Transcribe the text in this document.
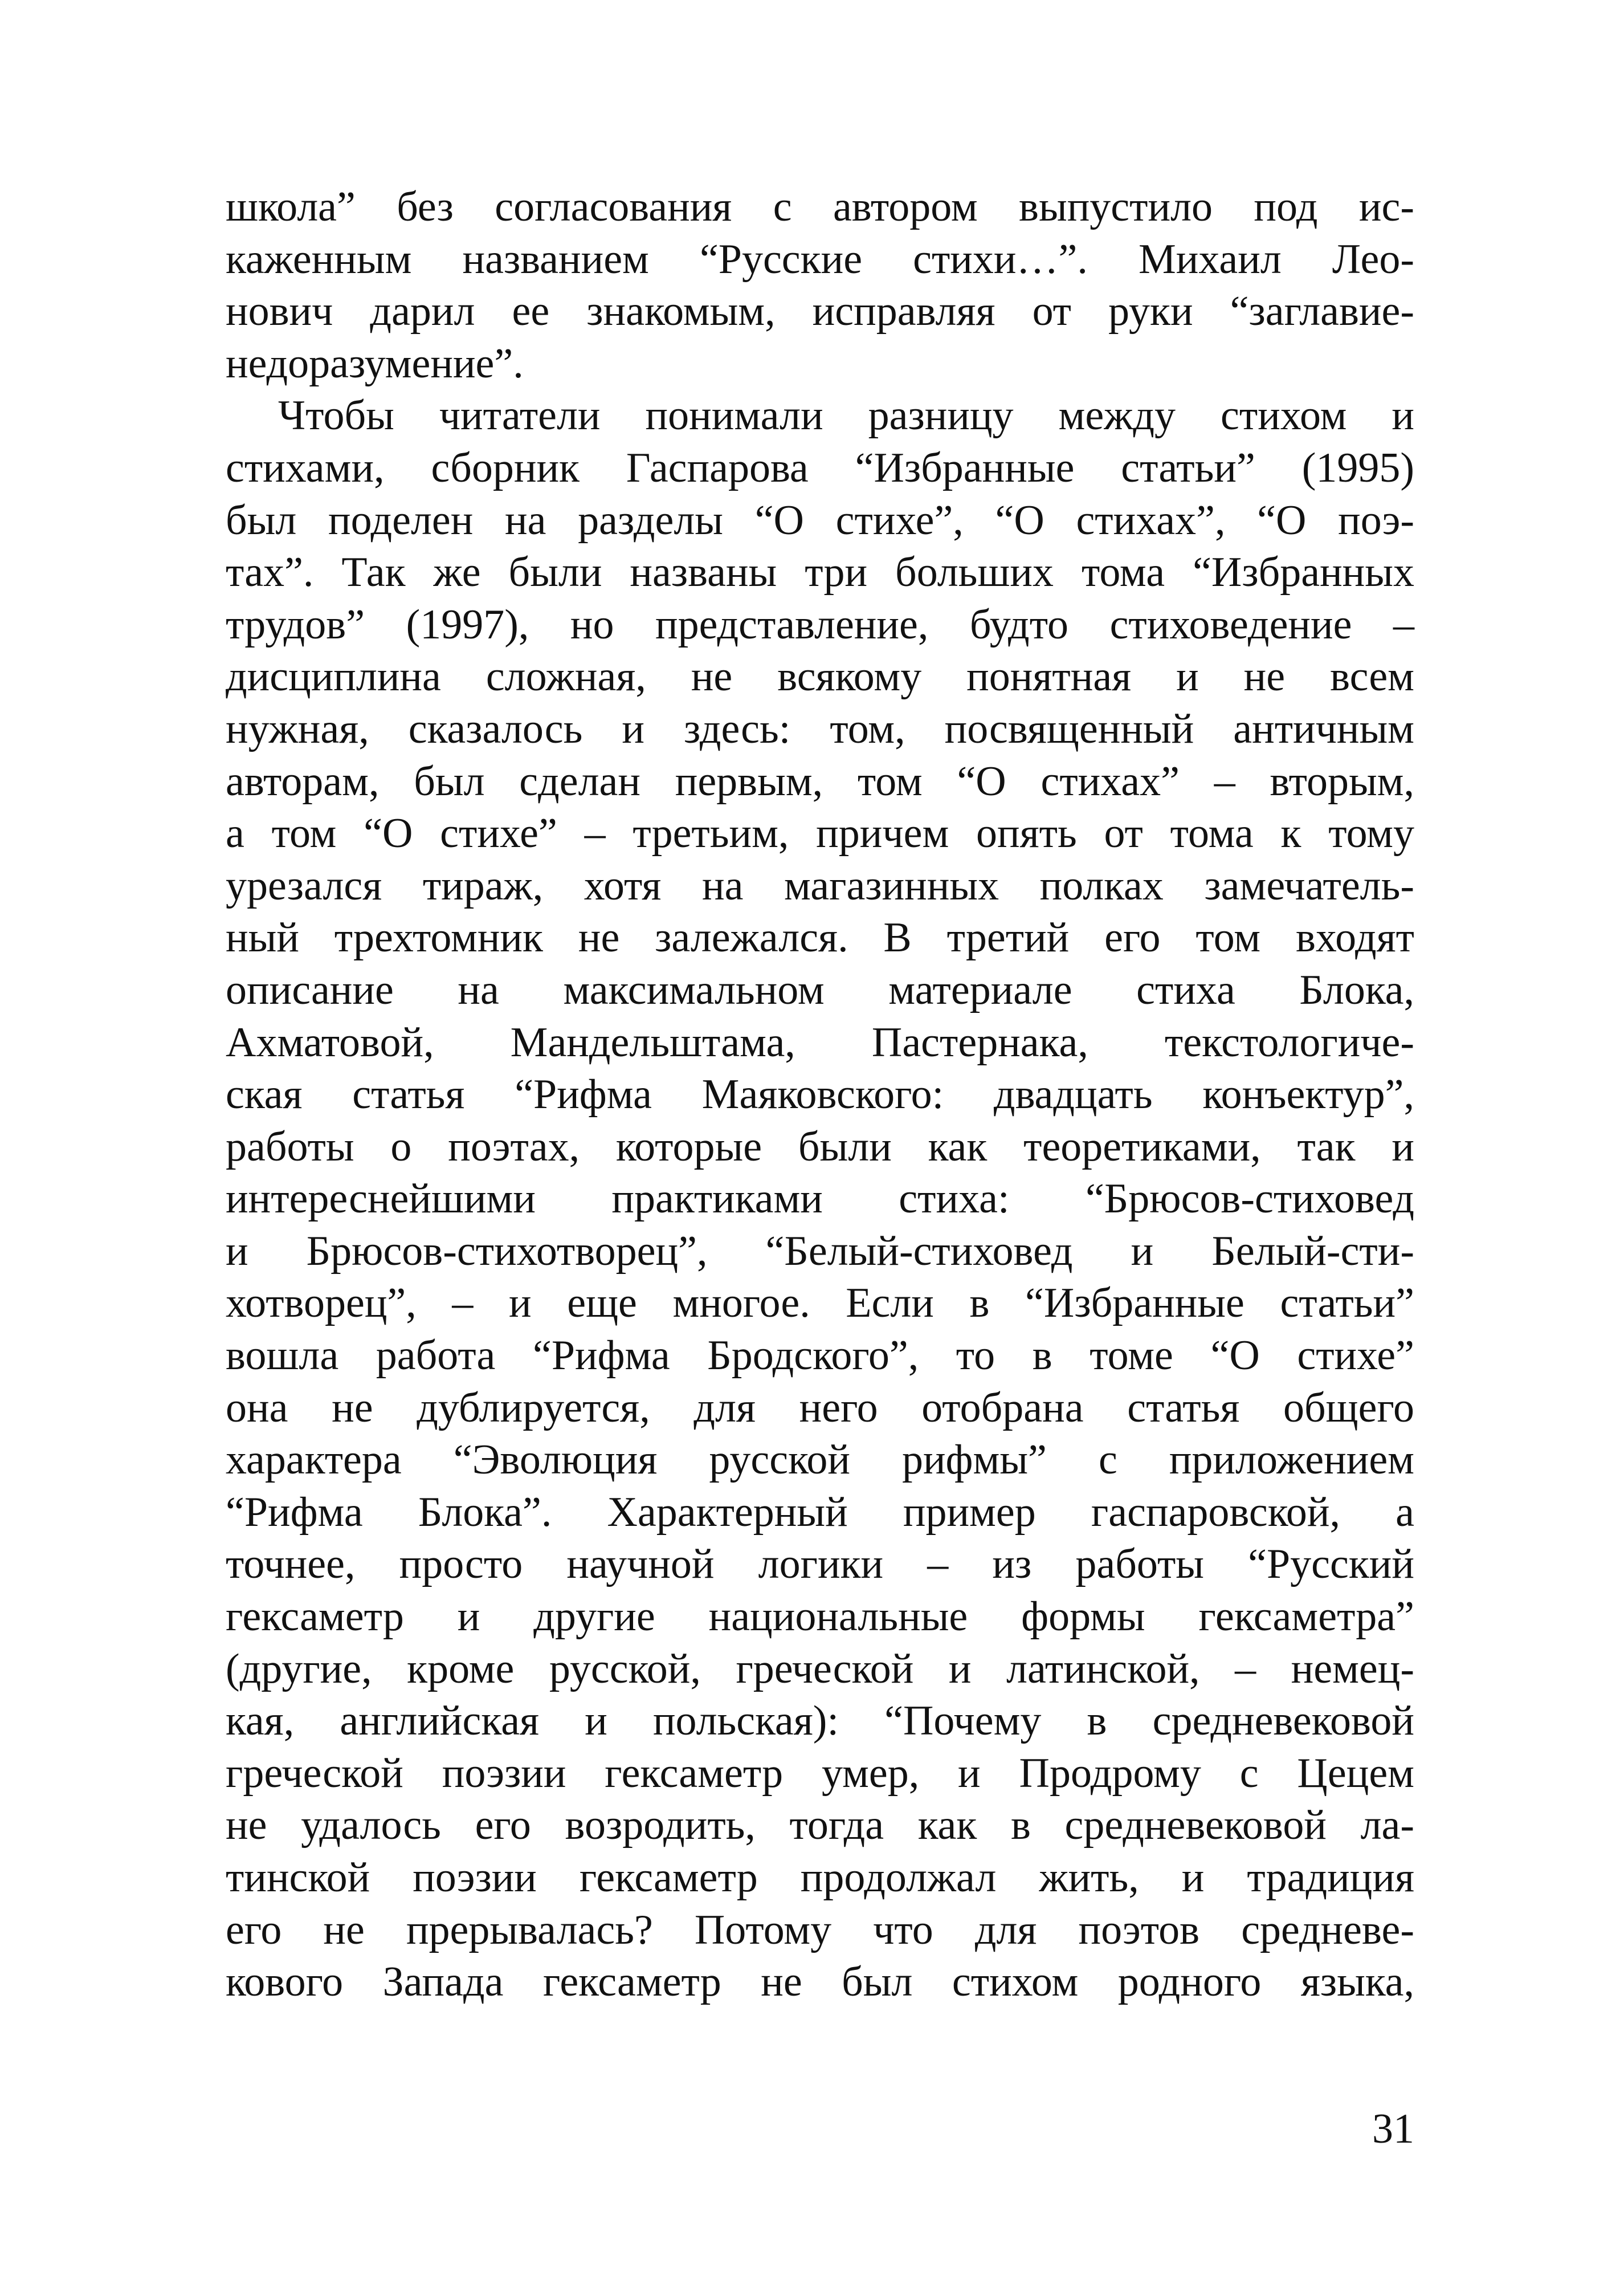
школа” без согласования с автором выпустило под ис-
каженным названием “Русские стихи…”. Михаил Лео-
нович дарил ее знакомым, исправляя от руки “заглавие-
недоразумение”.
Чтобы читатели понимали разницу между стихом и
стихами, сборник Гаспарова “Избранные статьи” (1995)
был поделен на разделы “О стихе”, “О стихах”, “О поэ-
тах”. Так же были названы три больших тома “Избранных
трудов” (1997), но представление, будто стиховедение –
дисциплина сложная, не всякому понятная и не всем
нужная, сказалось и здесь: том, посвященный античным
авторам, был сделан первым, том “О стихах” – вторым,
а том “О стихе” – третьим, причем опять от тома к тому
урезался тираж, хотя на магазинных полках замечатель-
ный трехтомник не залежался. В третий его том входят
описание на максимальном материале стиха Блока,
Ахматовой, Мандельштама, Пастернака, текстологиче-
ская статья “Рифма Маяковского: двадцать конъектур”,
работы о поэтах, которые были как теоретиками, так и
интереснейшими практиками стиха: “Брюсов-стиховед
и Брюсов-стихотворец”, “Белый-стиховед и Белый-сти-
хотворец”, – и еще многое. Если в “Избранные статьи”
вошла работа “Рифма Бродского”, то в томе “О стихе”
она не дублируется, для него отобрана статья общего
характера “Эволюция русской рифмы” с приложением
“Рифма Блока”. Характерный пример гаспаровской, а
точнее, просто научной логики – из работы “Русский
гексаметр и другие национальные формы гексаметра”
(другие, кроме русской, греческой и латинской, – немец-
кая, английская и польская): “Почему в средневековой
греческой поэзии гексаметр умер, и Продрому с Цецем
не удалось его возродить, тогда как в средневековой ла-
тинской поэзии гексаметр продолжал жить, и традиция
его не прерывалась? Потому что для поэтов средневе-
кового Запада гексаметр не был стихом родного языка,
31
